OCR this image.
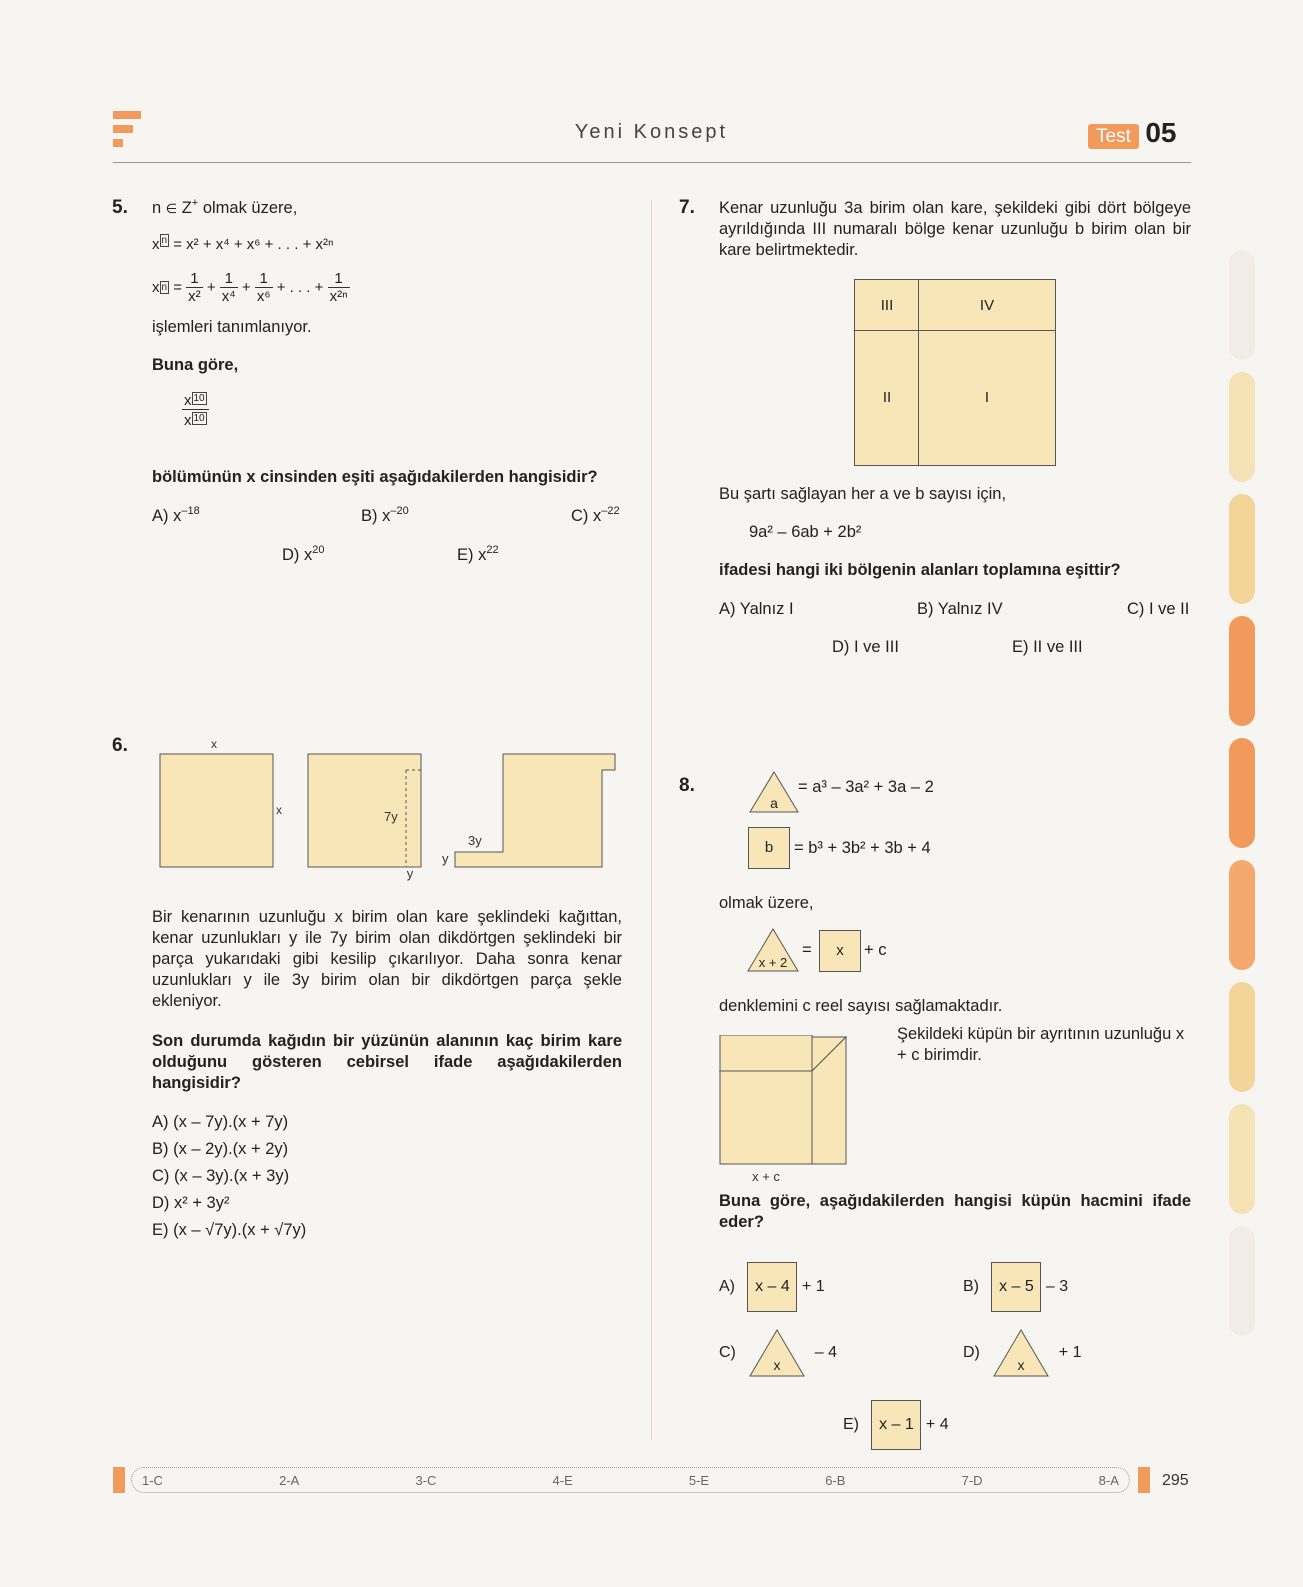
Yeni Konsept	Test 05
5. n ∈ Z+ olmak üzere,
x n = x² + x⁴ + x⁶ + . . . + x²ⁿ
x $n = \frac{1}{\text{x²}} + \frac{1}{\text{x⁴}} + \frac{1}{\text{x⁶}}$ + . . . + $\frac{1}{\text{x²ⁿ}}$
işlemleri tanımlanıyor.
Buna göre,
x 10
x 10
bölümünün x cinsinden eşiti aşağıdakilerden hangisidir?
A) $x^{-18}$	B) $x^{-20}$	C) $x^{-22}$
D) $x^{20}$	E) $x^{22}$
6.	x
x	7y
y
3y
y
Bir kenarının uzunluğu x birim olan kare şeklindeki kağıttan, kenar uzunlukları y ile 7y birim olan dikdörtgen şeklindeki bir parça yukarıdaki gibi kesilip çıkarılıyor. Daha sonra kenar uzunlukları y ile 3y birim olan bir dikdörtgen parça şekle ekleniyor.
Son durumda kağıdın bir yüzünün alanının kaç birim kare olduğunu gösteren cebirsel ifade aşağıdakilerden hangisidir?
A) (x – 7y).(x + 7y)
B) (x – 2y).(x + 2y)
C) (x – 3y).(x + 3y)
D) x² + 3y²
E) (x – √7y).(x + √7y)
7. Kenar uzunluğu 3a birim olan kare, şekildeki gibi dört bölgeye ayrıldığında III numaralı bölge kenar uzunluğu b birim olan bir kare belirtmektedir.
III	IV
II	I
Bu şartı sağlayan her a ve b sayısı için,
9a² – 6ab + 2b²
ifadesi hangi iki bölgenin alanları toplamına eşittir?
A) Yalnız I	B) Yalnız IV	C) I ve II
D) I ve III	E) II ve III
8.
a
= a³ – 3a² + 3a – 2
b	= b³ + 3b² + 3b + 4
olmak üzere,
x + 2
=	x	+ c
denklemini c reel sayısı sağlamaktadır.
x + c
Şekildeki küpün bir ayrıtının uzunluğu x + c birimdir.
Buna göre, aşağıdakilerden hangisi küpün hacmini ifade eder?
A) x – 4 + 1	B) x – 5 – 3
C)
x
– 4	D)
x
+ 1
E) x – 1 + 4
1-C	2-A	3-C	4-E	5-E	6-B	7-D	8-A	295
